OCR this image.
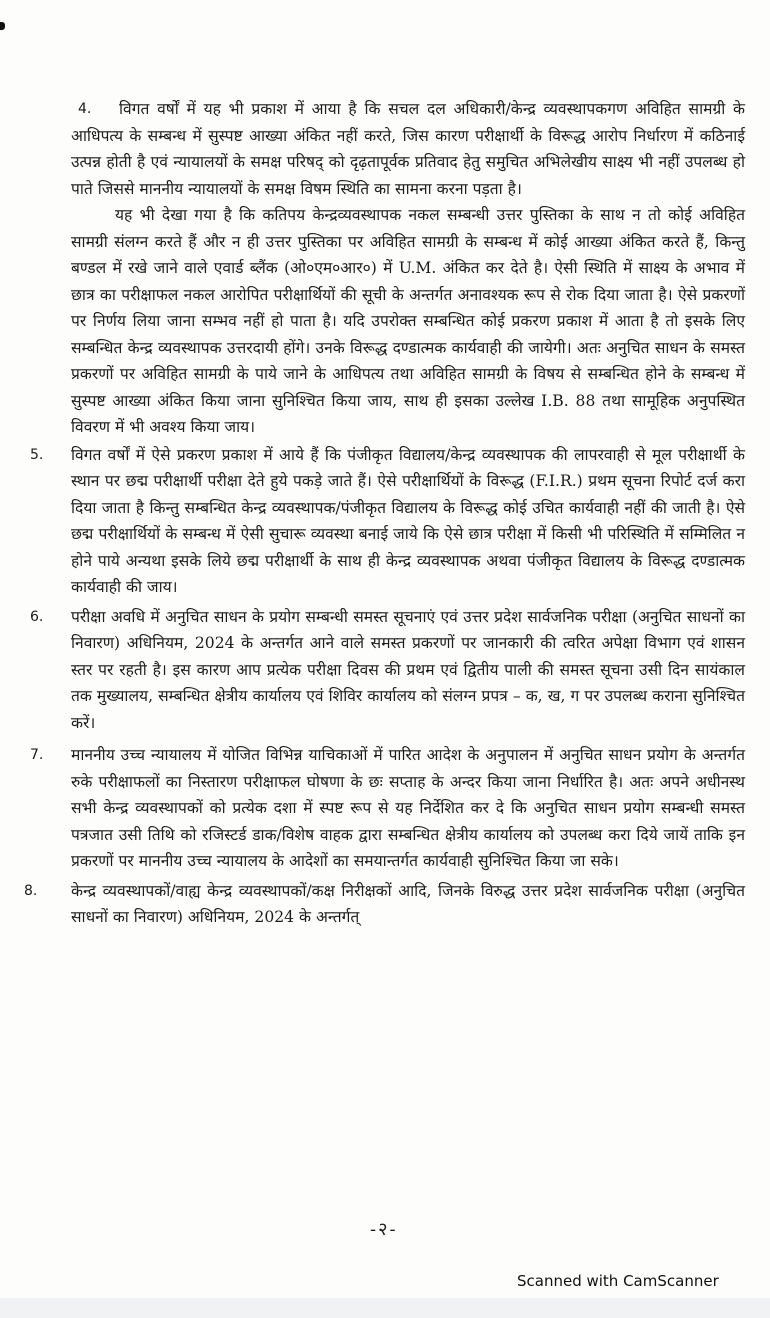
4.	विगत वर्षों में यह भी प्रकाश में आया है कि सचल दल अधिकारी/केन्द्र व्यवस्थापकगण अविहित सामग्री के आधिपत्य के सम्बन्ध में सुस्पष्ट आख्या अंकित नहीं करते, जिस कारण परीक्षार्थी के विरूद्ध आरोप निर्धारण में कठिनाई उत्पन्न होती है एवं न्यायालयों के समक्ष परिषद् को दृढ़तापूर्वक प्रतिवाद हेतु समुचित अभिलेखीय साक्ष्य भी नहीं उपलब्ध हो पाते जिससे माननीय न्यायालयों के समक्ष विषम स्थिति का सामना करना पड़ता है।

यह भी देखा गया है कि कतिपय केन्द्रव्यवस्थापक नकल सम्बन्धी उत्तर पुस्तिका के साथ न तो कोई अविहित सामग्री संलग्न करते हैं और न ही उत्तर पुस्तिका पर अविहित सामग्री के सम्बन्ध में कोई आख्या अंकित करते हैं, किन्तु बण्डल में रखे जाने वाले एवार्ड ब्लैंक (ओ०एम०आर०) में U.M. अंकित कर देते है। ऐसी स्थिति में साक्ष्य के अभाव में छात्र का परीक्षाफल नकल आरोपित परीक्षार्थियों की सूची के अन्तर्गत अनावश्यक रूप से रोक दिया जाता है। ऐसे प्रकरणों पर निर्णय लिया जाना सम्भव नहीं हो पाता है। यदि उपरोक्त सम्बन्धित कोई प्रकरण प्रकाश में आता है तो इसके लिए सम्बन्धित केन्द्र व्यवस्थापक उत्तरदायी होंगे। उनके विरूद्ध दण्डात्मक कार्यवाही की जायेगी। अतः अनुचित साधन के समस्त प्रकरणों पर अविहित सामग्री के पाये जाने के आधिपत्य तथा अविहित सामग्री के विषय से सम्बन्धित होने के सम्बन्ध में सुस्पष्ट आख्या अंकित किया जाना सुनिश्चित किया जाय, साथ ही इसका उल्लेख I.B. 88 तथा सामूहिक अनुपस्थित विवरण में भी अवश्य किया जाय।

5. विगत वर्षों में ऐसे प्रकरण प्रकाश में आये हैं कि पंजीकृत विद्यालय/केन्द्र व्यवस्थापक की लापरवाही से मूल परीक्षार्थी के स्थान पर छद्म परीक्षार्थी परीक्षा देते हुये पकड़े जाते हैं। ऐसे परीक्षार्थियों के विरूद्ध (F.I.R.) प्रथम सूचना रिपोर्ट दर्ज करा दिया जाता है किन्तु सम्बन्धित केन्द्र व्यवस्थापक/पंजीकृत विद्यालय के विरूद्ध कोई उचित कार्यवाही नहीं की जाती है। ऐसे छद्म परीक्षार्थियों के सम्बन्ध में ऐसी सुचारू व्यवस्था बनाई जाये कि ऐसे छात्र परीक्षा में किसी भी परिस्थिति में सम्मिलित न होने पाये अन्यथा इसके लिये छद्म परीक्षार्थी के साथ ही केन्द्र व्यवस्थापक अथवा पंजीकृत विद्यालय के विरूद्ध दण्डात्मक कार्यवाही की जाय।

6. परीक्षा अवधि में अनुचित साधन के प्रयोग सम्बन्धी समस्त सूचनाएं एवं उत्तर प्रदेश सार्वजनिक परीक्षा (अनुचित साधनों का निवारण) अधिनियम, 2024 के अन्तर्गत आने वाले समस्त प्रकरणों पर जानकारी की त्वरित अपेक्षा विभाग एवं शासन स्तर पर रहती है। इस कारण आप प्रत्येक परीक्षा दिवस की प्रथम एवं द्वितीय पाली की समस्त सूचना उसी दिन सायंकाल तक मुख्यालय, सम्बन्धित क्षेत्रीय कार्यालय एवं शिविर कार्यालय को संलग्न प्रपत्र – क, ख, ग पर उपलब्ध कराना सुनिश्चित करें।

7. माननीय उच्च न्यायालय में योजित विभिन्न याचिकाओं में पारित आदेश के अनुपालन में अनुचित साधन प्रयोग के अन्तर्गत रुके परीक्षाफलों का निस्तारण परीक्षाफल घोषणा के छः सप्ताह के अन्दर किया जाना निर्धारित है। अतः अपने अधीनस्थ सभी केन्द्र व्यवस्थापकों को प्रत्येक दशा में स्पष्ट रूप से यह निर्देशित कर दे कि अनुचित साधन प्रयोग सम्बन्धी समस्त पत्रजात उसी तिथि को रजिस्टर्ड डाक/विशेष वाहक द्वारा सम्बन्धित क्षेत्रीय कार्यालय को उपलब्ध करा दिये जायें ताकि इन प्रकरणों पर माननीय उच्च न्यायालय के आदेशों का समयान्तर्गत कार्यवाही सुनिश्चित किया जा सके।

8. केन्द्र व्यवस्थापकों/वाह्य केन्द्र व्यवस्थापकों/कक्ष निरीक्षकों आदि, जिनके विरुद्ध उत्तर प्रदेश सार्वजनिक परीक्षा (अनुचित साधनों का निवारण) अधिनियम, 2024 के अन्तर्गत्

-२-
Scanned with CamScanner
